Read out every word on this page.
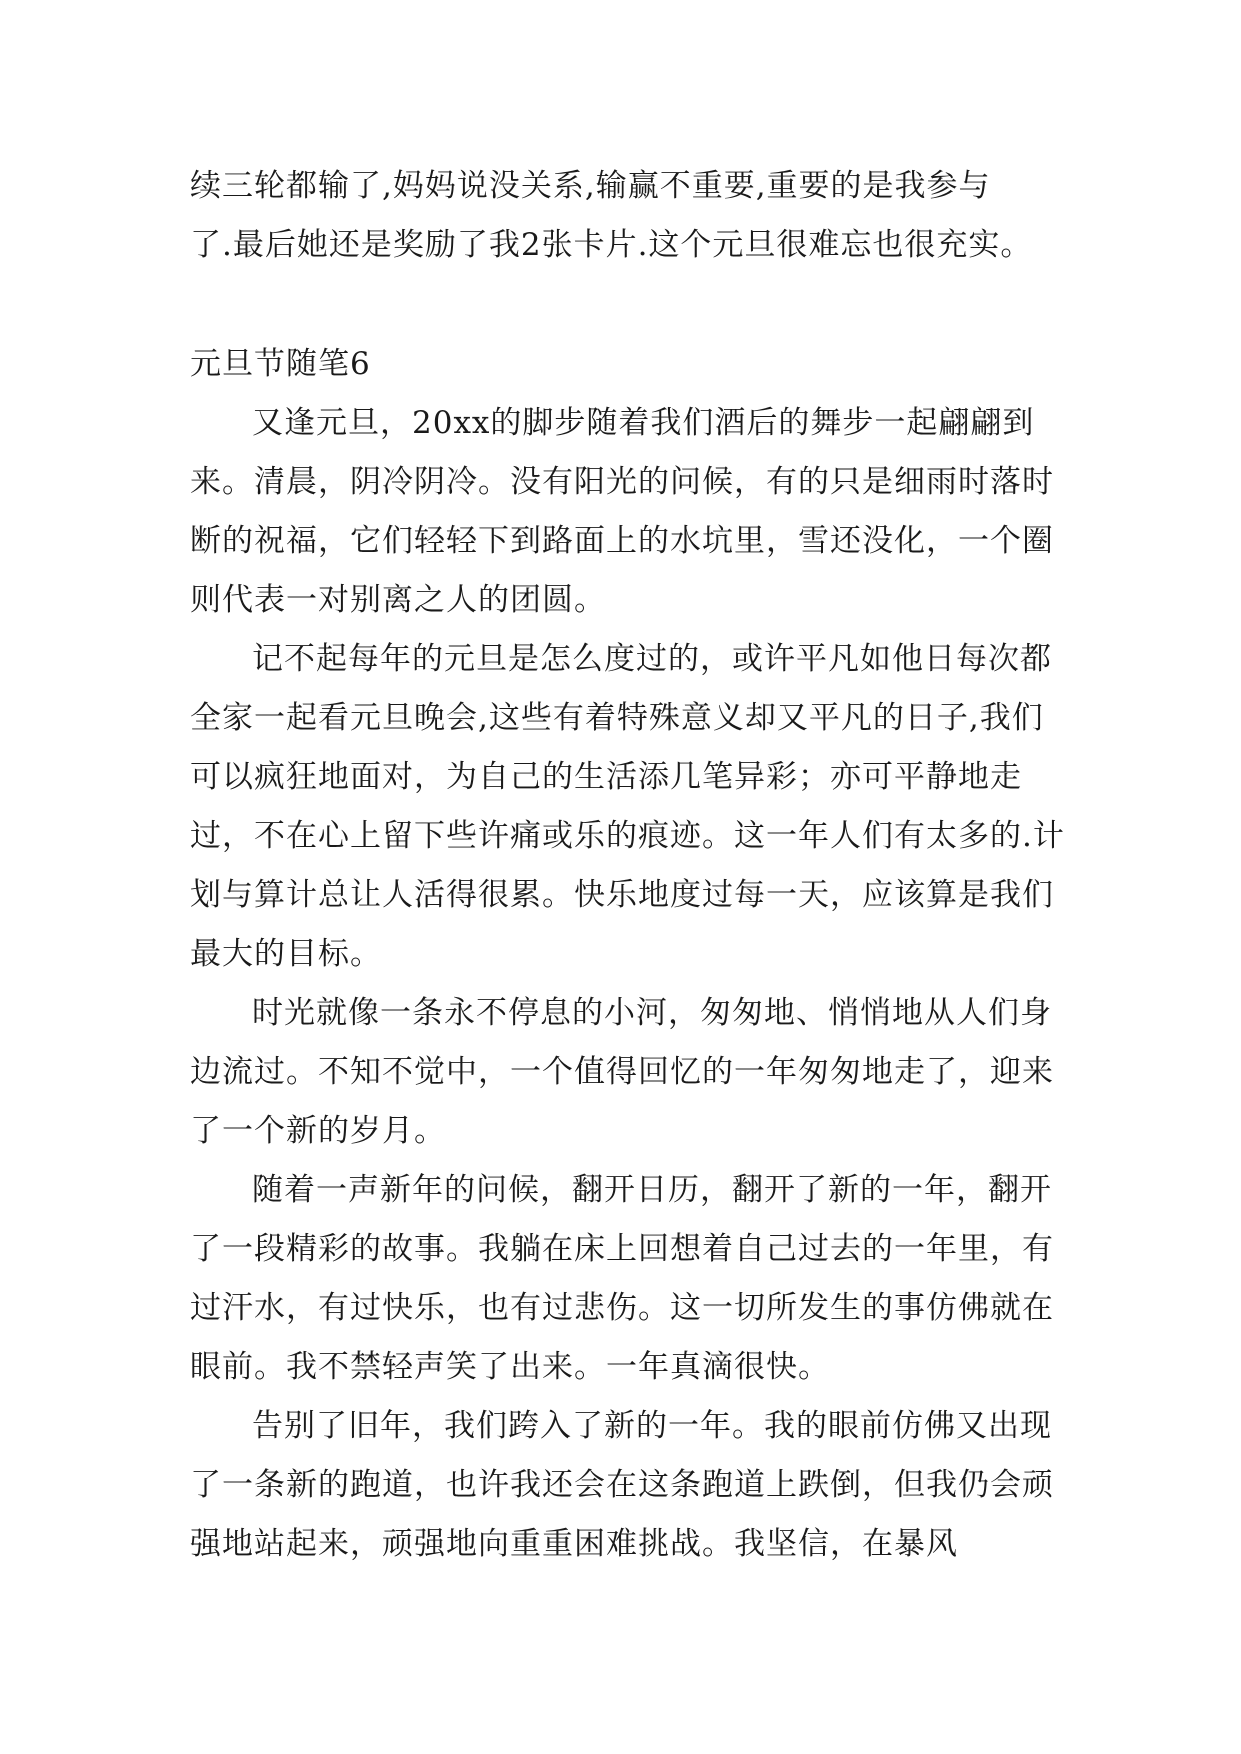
续三轮都输了,妈妈说没关系,输赢不重要,重要的是我参与
了.最后她还是奖励了我2张卡片.这个元旦很难忘也很充实。
元旦节随笔6

又逢元旦，20xx的脚步随着我们酒后的舞步一起翩翩到来。清晨，阴冷阴冷。没有阳光的问候，有的只是细雨时落时断的祝福，它们轻轻下到路面上的水坑里，雪还没化，一个圈则代表一对别离之人的团圆。

记不起每年的元旦是怎么度过的，或许平凡如他日每次都全家一起看元旦晚会,这些有着特殊意义却又平凡的日子,我们可以疯狂地面对，为自己的生活添几笔异彩；亦可平静地走过，不在心上留下些许痛或乐的痕迹。这一年人们有太多的.计划与算计总让人活得很累。快乐地度过每一天，应该算是我们最大的目标。

时光就像一条永不停息的小河，匆匆地、悄悄地从人们身边流过。不知不觉中，一个值得回忆的一年匆匆地走了，迎来了一个新的岁月。

随着一声新年的问候，翻开日历，翻开了新的一年，翻开了一段精彩的故事。我躺在床上回想着自己过去的一年里，有过汗水，有过快乐，也有过悲伤。这一切所发生的事仿佛就在眼前。我不禁轻声笑了出来。一年真滴很快。

告别了旧年，我们跨入了新的一年。我的眼前仿佛又出现了一条新的跑道，也许我还会在这条跑道上跌倒，但我仍会顽强地站起来，顽强地向重重困难挑战。我坚信，在暴风
